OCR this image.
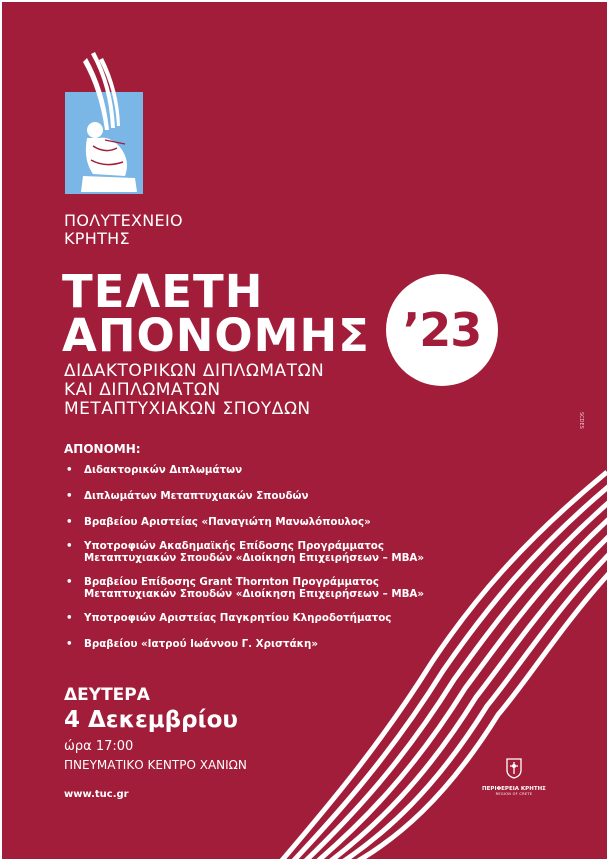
ΠΟΛΥΤΕΧΝΕΙΟ
ΚΡΗΤΗΣ
ΤΕΛΕΤΗ
ΑΠΟΝΟΜΗΣ ’23
ΔΙΔΑΚΤΟΡΙΚΩΝ ΔΙΠΛΩΜΑΤΩΝ
ΚΑΙ ΔΙΠΛΩΜΑΤΩΝ
ΜΕΤΑΠΤΥΧΙΑΚΩΝ ΣΠΟΥΔΩΝ
SCDES
ΑΠΟΝΟΜΗ:
• Διδακτορικών Διπλωμάτων
• Διπλωμάτων Μεταπτυχιακών Σπουδών
• Βραβείου Αριστείας «Παναγιώτη Μανωλόπουλος»
• Υποτροφιών Ακαδημαϊκής Επίδοσης Προγράμματος
Μεταπτυχιακών Σπουδών «Διοίκηση Επιχειρήσεων – ΜΒΑ»
• Βραβείου Επίδοσης Grant Thornton Προγράμματος
Μεταπτυχιακών Σπουδών «Διοίκηση Επιχειρήσεων – ΜΒΑ»
• Υποτροφιών Αριστείας Παγκρητίου Κληροδοτήματος
• Βραβείου «Ιατρού Ιωάννου Γ. Χριστάκη»
ΔΕΥΤΕΡΑ
4 Δεκεμβρίου
ώρα 17:00
ΠΝΕΥΜΑΤΙΚΟ ΚΕΝΤΡΟ ΧΑΝΙΩΝ
www.tuc.gr	ΠΕΡΙΦΕΡΕΙΑ ΚΡΗΤΗΣ
REGION OF CRETE
